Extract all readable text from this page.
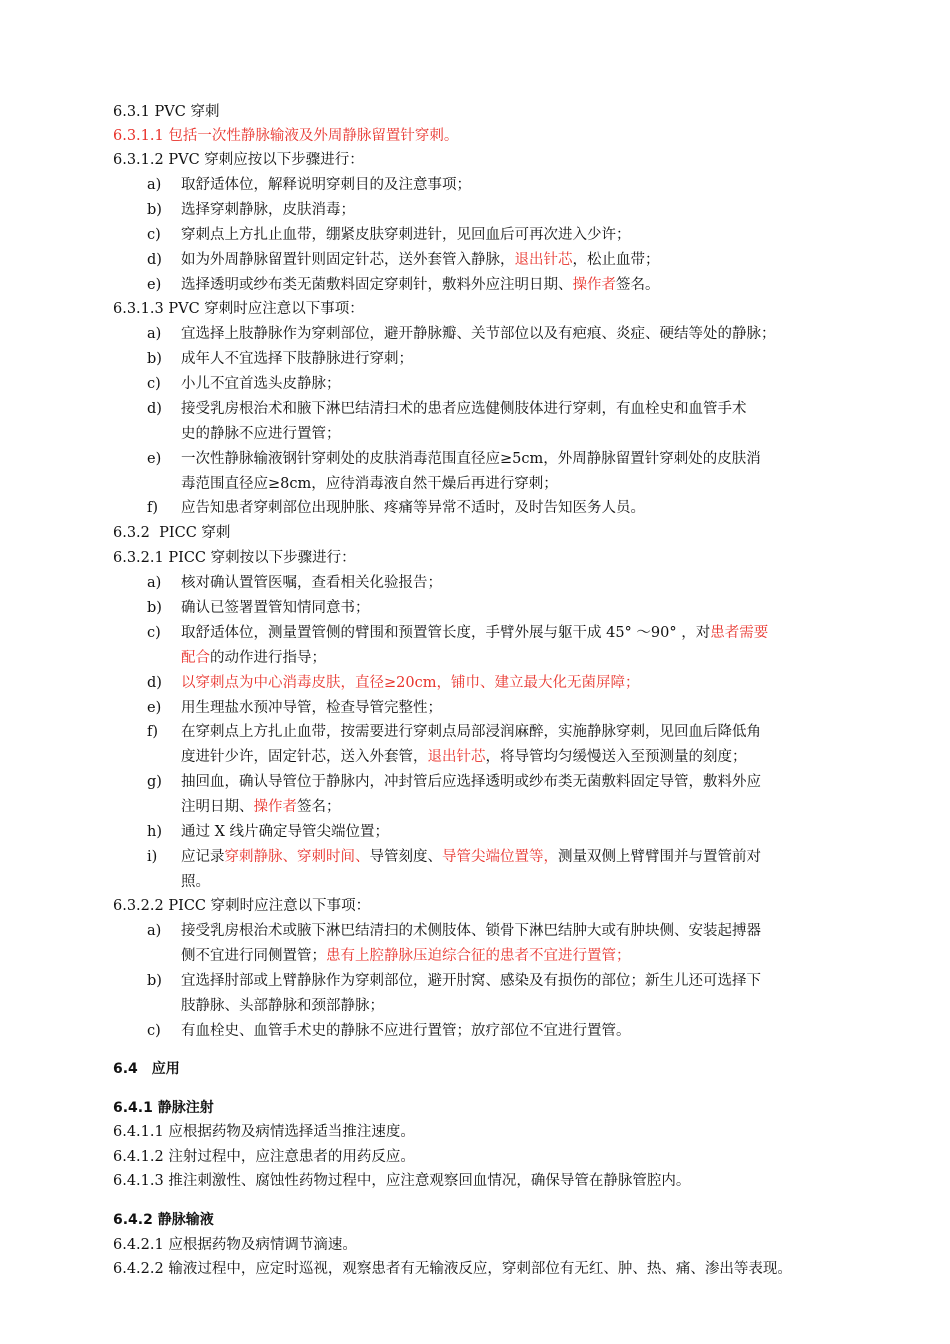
6.3.1 PVC 穿刺
6.3.1.1 包括一次性静脉输液及外周静脉留置针穿刺。
6.3.1.2 PVC 穿刺应按以下步骤进行：
a) 取舒适体位，解释说明穿刺目的及注意事项；
b) 选择穿刺静脉，皮肤消毒；
c) 穿刺点上方扎止血带，绷紧皮肤穿刺进针，见回血后可再次进入少许；
d) 如为外周静脉留置针则固定针芯，送外套管入静脉，退出针芯，松止血带；
e) 选择透明或纱布类无菌敷料固定穿刺针，敷料外应注明日期、操作者签名。
6.3.1.3 PVC 穿刺时应注意以下事项：
a) 宜选择上肢静脉作为穿刺部位，避开静脉瓣、关节部位以及有疤痕、炎症、硬结等处的静脉；
b) 成年人不宜选择下肢静脉进行穿刺；
c) 小儿不宜首选头皮静脉；
d) 接受乳房根治术和腋下淋巴结清扫术的患者应选健侧肢体进行穿刺，有血栓史和血管手术
史的静脉不应进行置管；
e) 一次性静脉输液钢针穿刺处的皮肤消毒范围直径应≥5cm，外周静脉留置针穿刺处的皮肤消
毒范围直径应≥8cm，应待消毒液自然干燥后再进行穿刺；
f) 应告知患者穿刺部位出现肿胀、疼痛等异常不适时，及时告知医务人员。
6.3.2 PICC 穿刺
6.3.2.1 PICC 穿刺按以下步骤进行：
a) 核对确认置管医嘱，查看相关化验报告；
b) 确认已签署置管知情同意书；
c) 取舒适体位，测量置管侧的臂围和预置管长度，手臂外展与躯干成 45° ～90° ，对患者需要
配合的动作进行指导；
d) 以穿刺点为中心消毒皮肤，直径≥20cm，铺巾、建立最大化无菌屏障；
e) 用生理盐水预冲导管，检查导管完整性；
f) 在穿刺点上方扎止血带，按需要进行穿刺点局部浸润麻醉，实施静脉穿刺，见回血后降低角
度进针少许，固定针芯，送入外套管，退出针芯，将导管均匀缓慢送入至预测量的刻度；
g) 抽回血，确认导管位于静脉内，冲封管后应选择透明或纱布类无菌敷料固定导管，敷料外应
注明日期、操作者签名；
h) 通过 X 线片确定导管尖端位置；
i) 应记录穿刺静脉、穿刺时间、导管刻度、导管尖端位置等，测量双侧上臂臂围并与置管前对
照。
6.3.2.2 PICC 穿刺时应注意以下事项：
a) 接受乳房根治术或腋下淋巴结清扫的术侧肢体、锁骨下淋巴结肿大或有肿块侧、安装起搏器
侧不宜进行同侧置管；患有上腔静脉压迫综合征的患者不宜进行置管；
b) 宜选择肘部或上臂静脉作为穿刺部位，避开肘窝、感染及有损伤的部位；新生儿还可选择下
肢静脉、头部静脉和颈部静脉；
c) 有血栓史、血管手术史的静脉不应进行置管；放疗部位不宜进行置管。
6.4　应用
6.4.1 静脉注射
6.4.1.1 应根据药物及病情选择适当推注速度。
6.4.1.2 注射过程中，应注意患者的用药反应。
6.4.1.3 推注刺激性、腐蚀性药物过程中，应注意观察回血情况，确保导管在静脉管腔内。
6.4.2 静脉输液
6.4.2.1 应根据药物及病情调节滴速。
6.4.2.2 输液过程中，应定时巡视，观察患者有无输液反应，穿刺部位有无红、肿、热、痛、渗出等表现。
